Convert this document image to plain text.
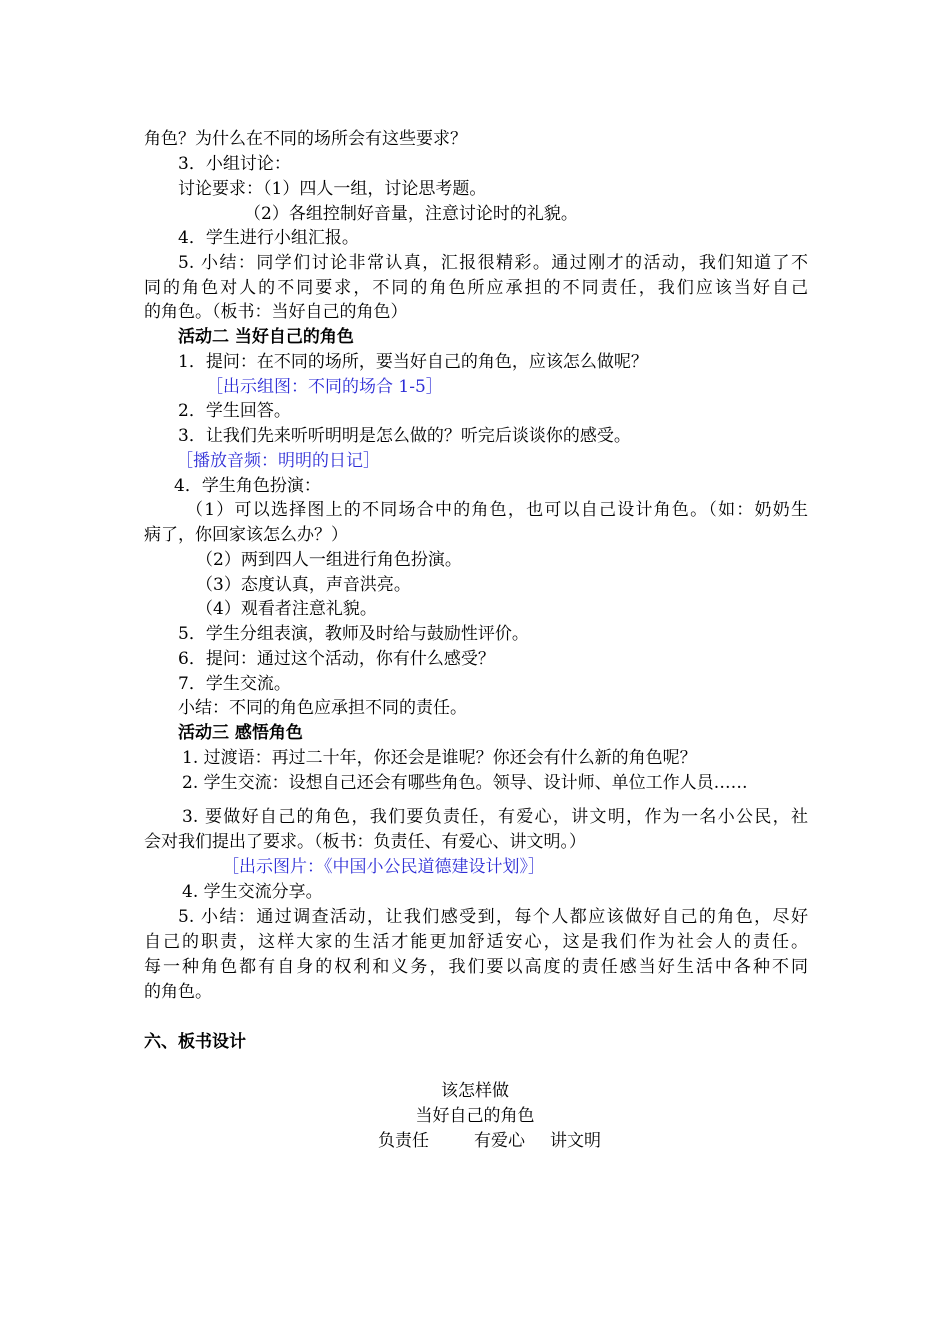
角色？为什么在不同的场所会有这些要求？
3．小组讨论：
讨论要求：（1）四人一组，讨论思考题。
（2）各组控制好音量，注意讨论时的礼貌。
4．学生进行小组汇报。
5. 小结：同学们讨论非常认真，汇报很精彩。通过刚才的活动，我们知道了不
同的角色对人的不同要求，不同的角色所应承担的不同责任，我们应该当好自己
的角色。（板书：当好自己的角色）
活动二 当好自己的角色
1．提问：在不同的场所，要当好自己的角色，应该怎么做呢？
［出示组图：不同的场合 1-5］
2．学生回答。
3．让我们先来听听明明是怎么做的？听完后谈谈你的感受。
［播放音频：明明的日记］
4．学生角色扮演：
（1）可以选择图上的不同场合中的角色，也可以自己设计角色。（如：奶奶生
病了，你回家该怎么办？）
（2）两到四人一组进行角色扮演。
（3）态度认真，声音洪亮。
（4）观看者注意礼貌。
5．学生分组表演，教师及时给与鼓励性评价。
6．提问：通过这个活动，你有什么感受？
7．学生交流。
小结：不同的角色应承担不同的责任。
活动三 感悟角色
1. 过渡语：再过二十年，你还会是谁呢？你还会有什么新的角色呢？
2. 学生交流：设想自己还会有哪些角色。领导、设计师、单位工作人员……
3. 要做好自己的角色，我们要负责任，有爱心，讲文明，作为一名小公民，社
会对我们提出了要求。（板书：负责任、有爱心、讲文明。）
［出示图片：《中国小公民道德建设计划》］
4. 学生交流分享。
5. 小结：通过调查活动，让我们感受到，每个人都应该做好自己的角色，尽好
自己的职责，这样大家的生活才能更加舒适安心，这是我们作为社会人的责任。
每一种角色都有自身的权利和义务，我们要以高度的责任感当好生活中各种不同
的角色。
六、板书设计
该怎样做
当好自己的角色
负责任	有爱心 讲文明
